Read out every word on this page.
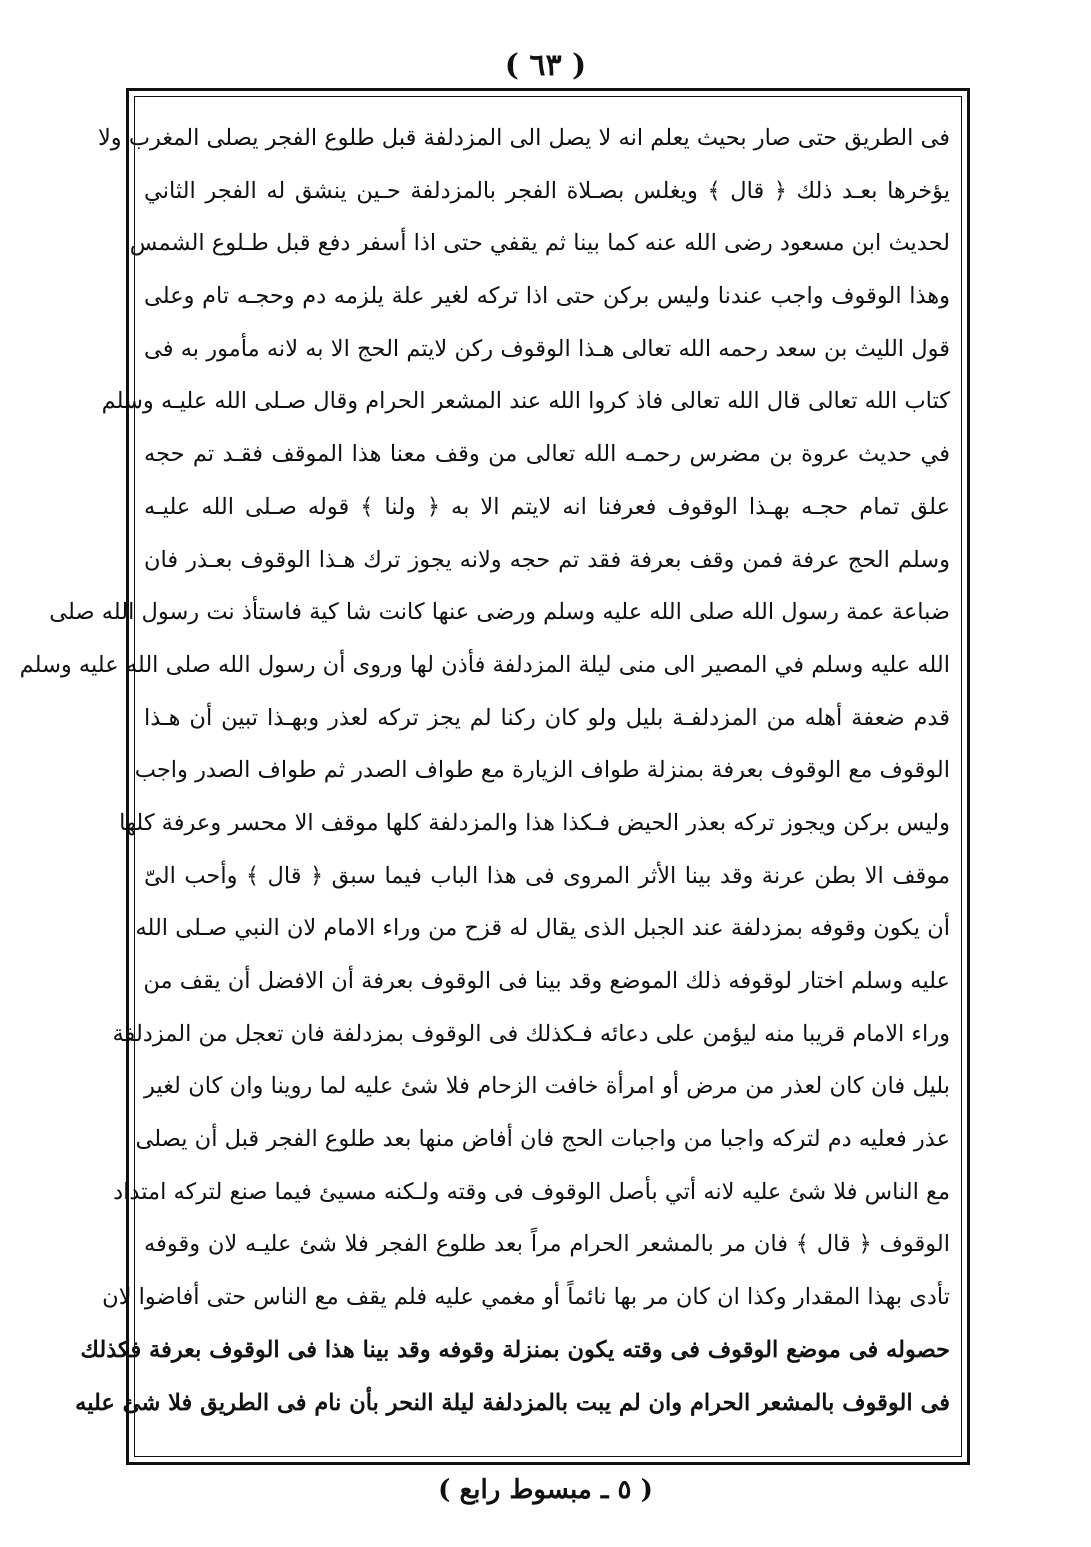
( ٦٣ )
فى الطريق حتى صار بحيث يعلم انه لا يصل الى المزدلفة قبل طلوع الفجر يصلى المغرب ولا
يؤخرها بعـد ذلك ﴿ قال ﴾ ويغلس بصـلاة الفجر بالمزدلفة حـين ينشق له الفجر الثاني
لحديث ابن مسعود رضى الله عنه كما بينا ثم يقفي حتى اذا أسفر دفع قبل طـلوع الشمس
وهذا الوقوف واجب عندنا وليس بركن حتى اذا تركه لغير علة يلزمه دم وحجـه تام وعلى
قول الليث بن سعد رحمه الله تعالى هـذا الوقوف ركن لايتم الحج الا به لانه مأمور به فى
كتاب الله تعالى قال الله تعالى فاذ كروا الله عند المشعر الحرام وقال صـلى الله عليـه وسلم
في حديث عروة بن مضرس رحمـه الله تعالى من وقف معنا هذا الموقف فقـد تم حجه
علق تمام حجـه بهـذا الوقوف فعرفنا انه لايتم الا به ﴿ ولنا ﴾ قوله صـلى الله عليـه
وسلم الحج عرفة فمن وقف بعرفة فقد تم حجه ولانه يجوز ترك هـذا الوقوف بعـذر فان
ضباعة عمة رسول الله صلى الله عليه وسلم ورضى عنها كانت شا كية فاستأذ نت رسول الله صلى
الله عليه وسلم في المصير الى منى ليلة المزدلفة فأذن لها وروى أن رسول الله صلى الله عليه وسلم
قدم ضعفة أهله من المزدلفـة بليل ولو كان ركنا لم يجز تركه لعذر وبهـذا تبين أن هـذا
الوقوف مع الوقوف بعرفة بمنزلة طواف الزيارة مع طواف الصدر ثم طواف الصدر واجب
وليس بركن ويجوز تركه بعذر الحيض فـكذا هذا والمزدلفة كلها موقف الا محسر وعرفة كلها
موقف الا بطن عرنة وقد بينا الأثر المروى فى هذا الباب فيما سبق ﴿ قال ﴾ وأحب الىّ
أن يكون وقوفه بمزدلفة عند الجبل الذى يقال له قزح من وراء الامام لان النبي صـلى الله
عليه وسلم اختار لوقوفه ذلك الموضع وقد بينا فى الوقوف بعرفة أن الافضل أن يقف من
وراء الامام قريبا منه ليؤمن على دعائه فـكذلك فى الوقوف بمزدلفة فان تعجل من المزدلفة
بليل فان كان لعذر من مرض أو امرأة خافت الزحام فلا شئ عليه لما روينا وان كان لغير
عذر فعليه دم لتركه واجبا من واجبات الحج فان أفاض منها بعد طلوع الفجر قبل أن يصلى
مع الناس فلا شئ عليه لانه أتي بأصل الوقوف فى وقته ولـكنه مسيئ فيما صنع لتركه امتداد
الوقوف ﴿ قال ﴾ فان مر بالمشعر الحرام مراً بعد طلوع الفجر فلا شئ عليـه لان وقوفه
تأدى بهذا المقدار وكذا ان كان مر بها نائماً أو مغمي عليه فلم يقف مع الناس حتى أفاضوا لان
حصوله فى موضع الوقوف فى وقته يكون بمنزلة وقوفه وقد بينا هذا فى الوقوف بعرفة فكذلك
فى الوقوف بالمشعر الحرام وان لم يبت بالمزدلفة ليلة النحر بأن نام فى الطريق فلا شئ عليه
( ٥ ـ مبسوط رابع )
